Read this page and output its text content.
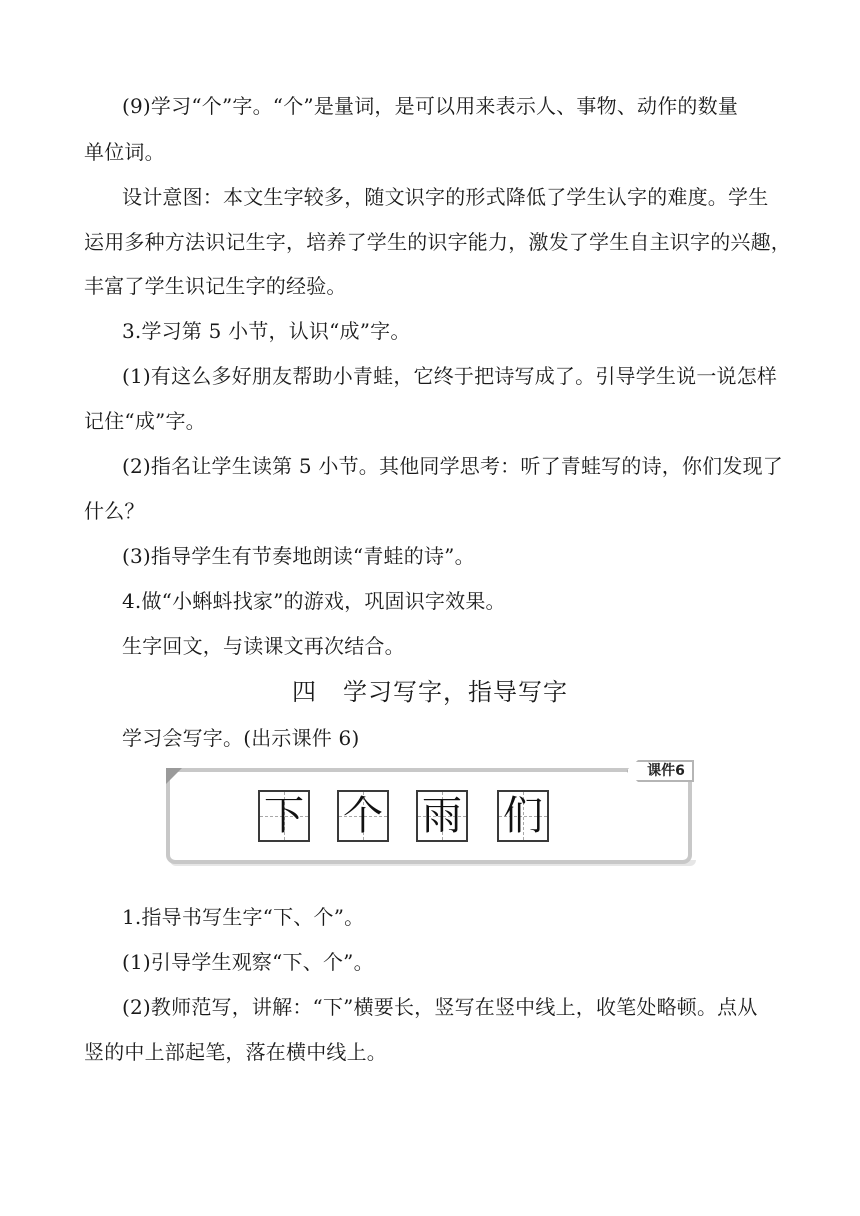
(9)学习“个”字。“个”是量词，是可以用来表示人、事物、动作的数量
单位词。
设计意图：本文生字较多，随文识字的形式降低了学生认字的难度。学生
运用多种方法识记生字，培养了学生的识字能力，激发了学生自主识字的兴趣，
丰富了学生识记生字的经验。
3.学习第 5 小节，认识“成”字。
(1)有这么多好朋友帮助小青蛙，它终于把诗写成了。引导学生说一说怎样
记住“成”字。
(2)指名让学生读第 5 小节。其他同学思考：听了青蛙写的诗，你们发现了
什么？
(3)指导学生有节奏地朗读“青蛙的诗”。
4.做“小蝌蚪找家”的游戏，巩固识字效果。
生字回文，与读课文再次结合。
四 学习写字，指导写字
学习会写字。(出示课件 6)
课件6
下 个 雨 们
1.指导书写生字“下、个”。
(1)引导学生观察“下、个”。
(2)教师范写，讲解：“下”横要长，竖写在竖中线上，收笔处略顿。点从
竖的中上部起笔，落在横中线上。
